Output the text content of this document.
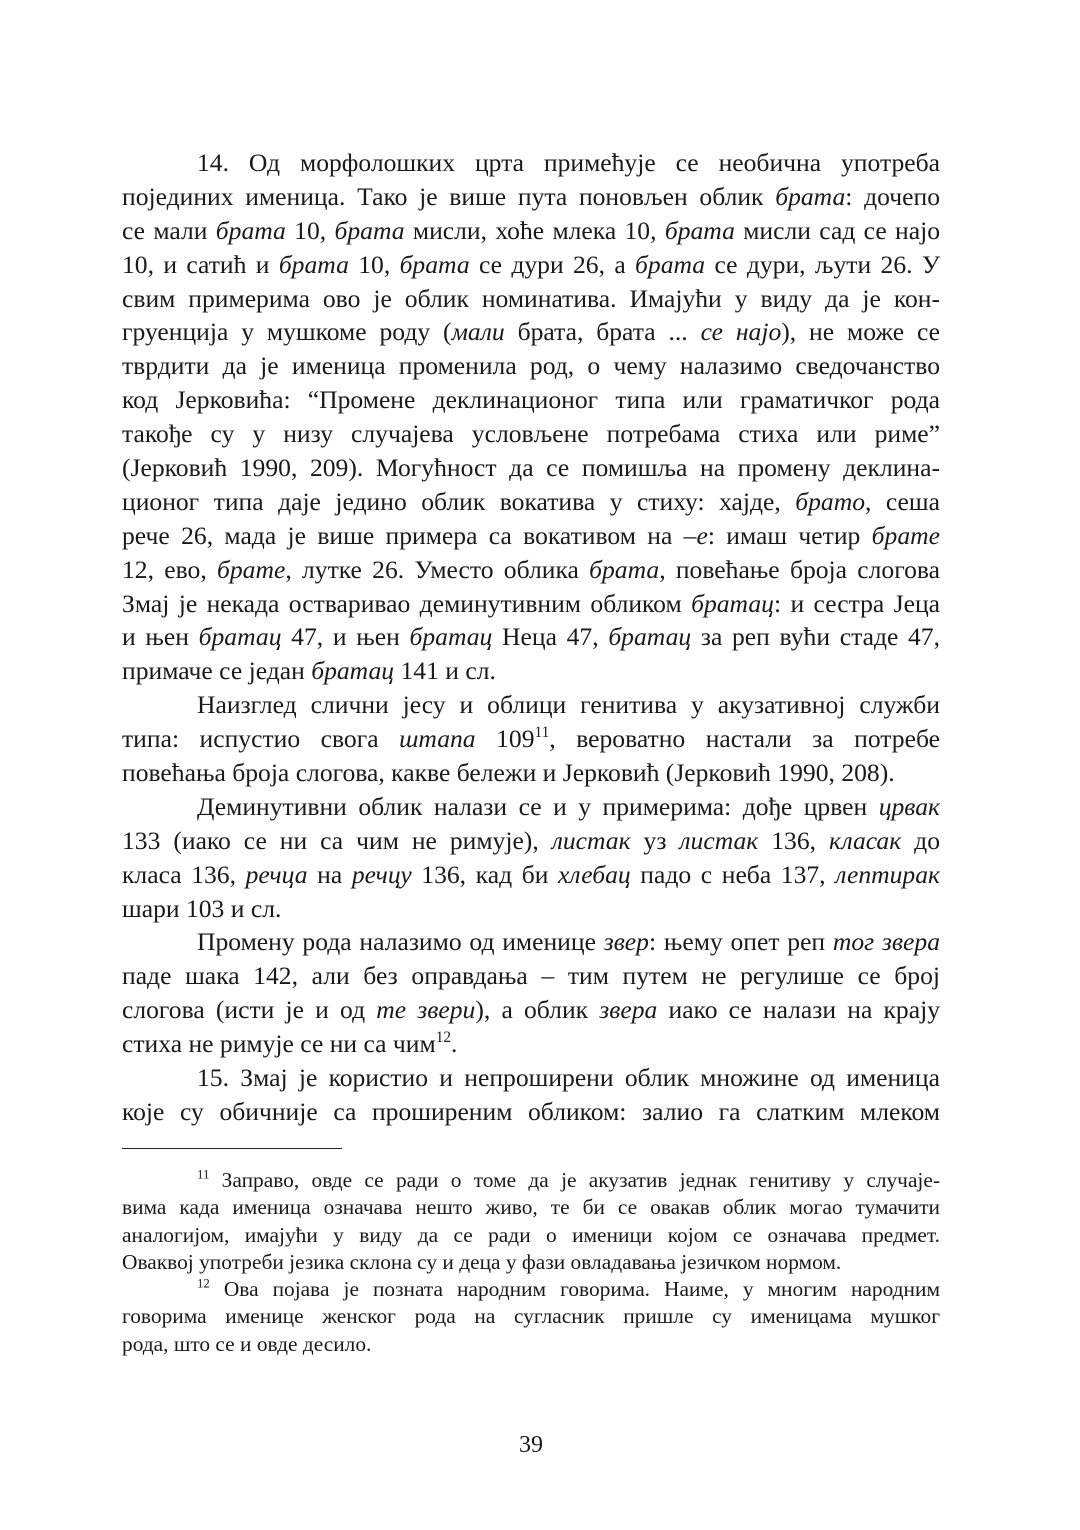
14. Од морфолошких црта примећује се необична употреба
појединих именица. Тако је више пута поновљен облик брата: дочепо
се мали брата 10, брата мисли, хоће млека 10, брата мисли сад се најо
10, и сатић и брата 10, брата се дури 26, а брата се дури, љути 26. У
свим примерима ово је облик номинатива. Имајући у виду да је кон-
груенција у мушкоме роду (мали брата, брата ... се најо), не може се
тврдити да је именица променила род, о чему налазимо сведочанство
код Јерковића: “Промене деклинационог типа или граматичког рода
такође су у низу случајева условљене потребама стиха или риме”
(Јерковић 1990, 209). Могућност да се помишља на промену деклина-
ционог типа даје једино облик вокатива у стиху: хајде, брато, сеша
рече 26, мада је више примера са вокативом на –е: имаш четир брате
12, ево, брате, лутке 26. Уместо облика брата, повећање броја слогова
Змај је некада остваривао деминутивним обликом братац: и сестра Јеца
и њен братац 47, и њен братац Неца 47, братац за реп вући стаде 47,
примаче се један братац 141 и сл.
Наизглед слични јесу и облици генитива у акузативној служби
типа: испустио свога штапа $109^{11}$, вероватно настали за потребе
повећања броја слогова, какве бележи и Јерковић (Јерковић 1990, 208).
Деминутивни облик налази се и у примерима: дође црвен црвак
133 (иако се ни са чим не римује), листак уз листак 136, класак до
класа 136, речца на речцу 136, кад би хлебац падо с неба 137, лептирак
шари 103 и сл.
Промену рода налазимо од именице звер: њему опет реп тог звера
паде шака 142, али без оправдања – тим путем не регулише се број
слогова (исти је и од те звери), а облик звера иако се налази на крају
стиха не римује се ни са чим$^{12}$.
15. Змај је користио и непроширени облик множине од именица
које су обичније са проширеним обликом: залио га слатким млеком
$^{11}$ Заправо, овде се ради о томе да је акузатив једнак генитиву у случаје-
вима када именица означава нешто живо, те би се овакав облик могао тумачити
аналогијом, имајући у виду да се ради о именици којом се означава предмет.
Оваквој употреби језика склона су и деца у фази овладавања језичком нормом.
$^{12}$ Ова појава је позната народним говорима. Наиме, у многим народним
говорима именице женског рода на сугласник пришле су именицама мушког
рода, што се и овде десило.
39
